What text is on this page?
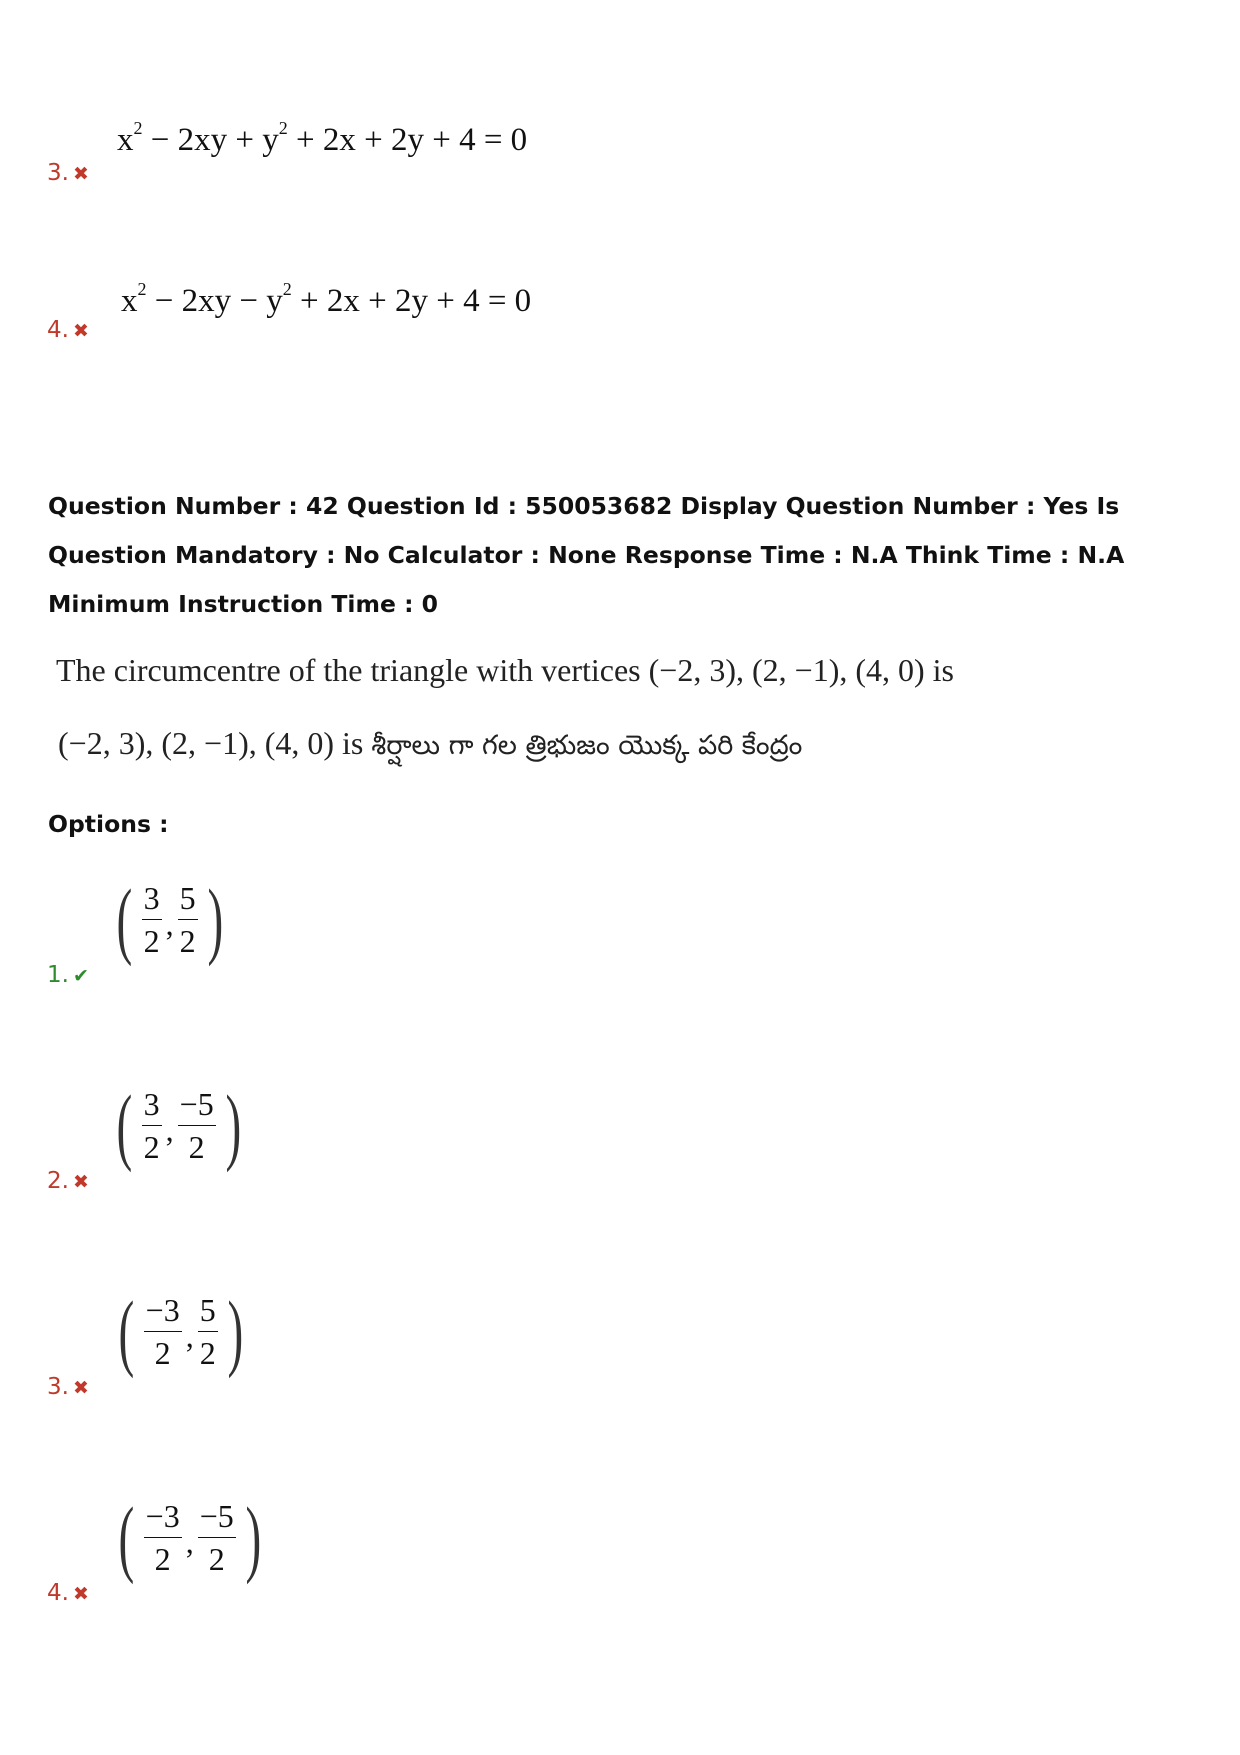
$x^2 - 2xy + y^2 + 2x + 2y + 4 = 0$
3. ✖
$x^2 - 2xy - y^2 + 2x + 2y + 4 = 0$
4. ✖
Question Number : 42 Question Id : 550053682 Display Question Number : Yes Is Question Mandatory : No Calculator : None Response Time : N.A Think Time : N.A Minimum Instruction Time : 0
The circumcentre of the triangle with vertices (−2, 3), (2, −1), (4, 0) is
(−2, 3), (2, −1), (4, 0) is శీర్షాలు గా గల త్రిభుజం యొక్క పరి కేంద్రం
Options :
( $\frac{3}{2}$ , $\frac{5}{2}$ )
1. ✔
( $\frac{3}{2}$ , $\frac{-5}{2}$ )
2. ✖
( $\frac{-3}{2}$ , $\frac{5}{2}$ )
3. ✖
( $\frac{-3}{2}$ , $\frac{-5}{2}$ )
4. ✖
